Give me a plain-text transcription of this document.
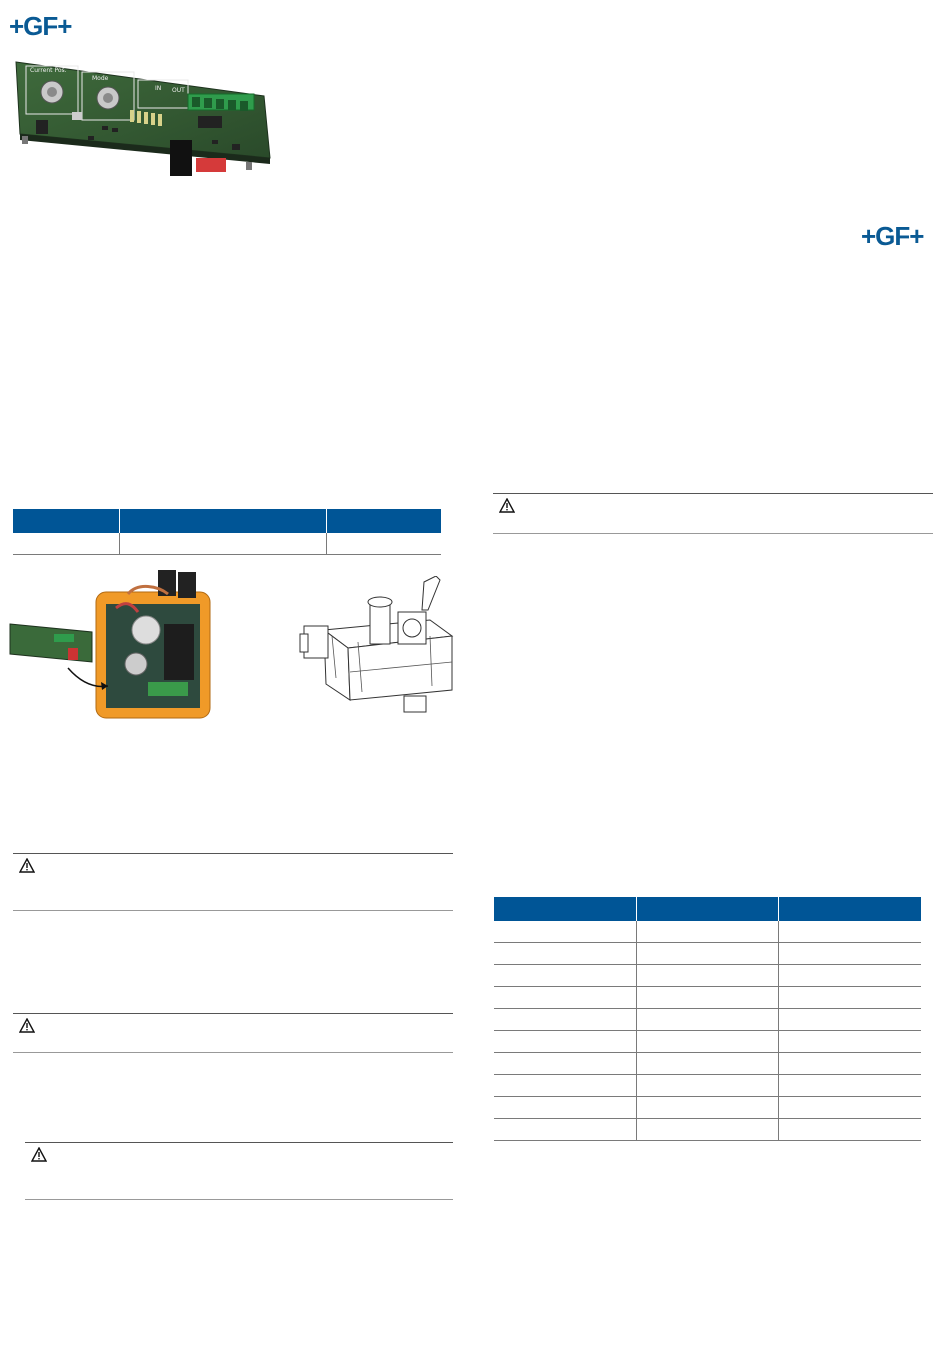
+GF+
Current Pos.
Mode
IN OUT

+GF+
